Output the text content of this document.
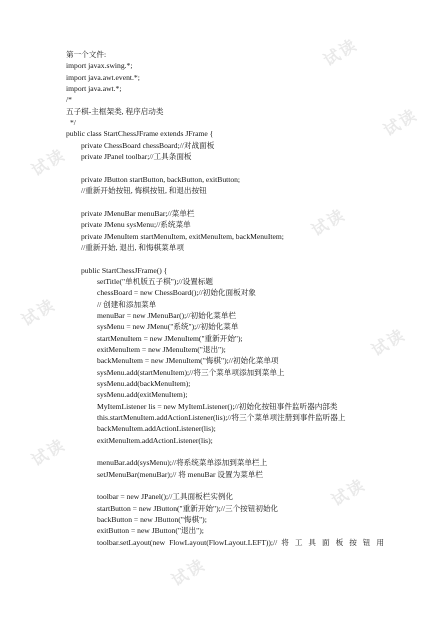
试读
试读
试读
试读
试读
试读
试读
试读
试读
第一个文件:
import javax.swing.*;
import java.awt.event.*;
import java.awt.*;
/*
五子棋-主框架类, 程序启动类
*/
public class StartChessJFrame extends JFrame {
private ChessBoard chessBoard;//对战面板
private JPanel toolbar;//工具条面板
private JButton startButton, backButton, exitButton;
//重新开始按钮, 悔棋按钮, 和退出按钮
private JMenuBar menuBar;//菜单栏
private JMenu sysMenu;//系统菜单
private JMenuItem startMenuItem, exitMenuItem, backMenuItem;
//重新开始, 退出, 和悔棋菜单项
public StartChessJFrame() {
setTitle("单机版五子棋");//设置标题
chessBoard = new ChessBoard();//初始化面板对象
// 创建和添加菜单
menuBar = new JMenuBar();//初始化菜单栏
sysMenu = new JMenu("系统");//初始化菜单
startMenuItem = new JMenuItem("重新开始");
exitMenuItem = new JMenuItem("退出");
backMenuItem = new JMenuItem("悔棋");//初始化菜单项
sysMenu.add(startMenuItem);//将三个菜单项添加到菜单上
sysMenu.add(backMenuItem);
sysMenu.add(exitMenuItem);
MyItemListener lis = new MyItemListener();//初始化按钮事件监听器内部类
this.startMenuItem.addActionListener(lis);//将三个菜单项注册到事件监听器上
backMenuItem.addActionListener(lis);
exitMenuItem.addActionListener(lis);
menuBar.add(sysMenu);//将系统菜单添加到菜单栏上
setJMenuBar(menuBar);// 将 menuBar 设置为菜单栏
toolbar = new JPanel();//工具面板栏实例化
startButton = new JButton("重新开始");//三个按钮初始化
backButton = new JButton("悔棋");
exitButton = new JButton("退出");
toolbar.setLayout(new FlowLayout(FlowLayout.LEFT));// 将 工 具 面 板 按 钮 用
